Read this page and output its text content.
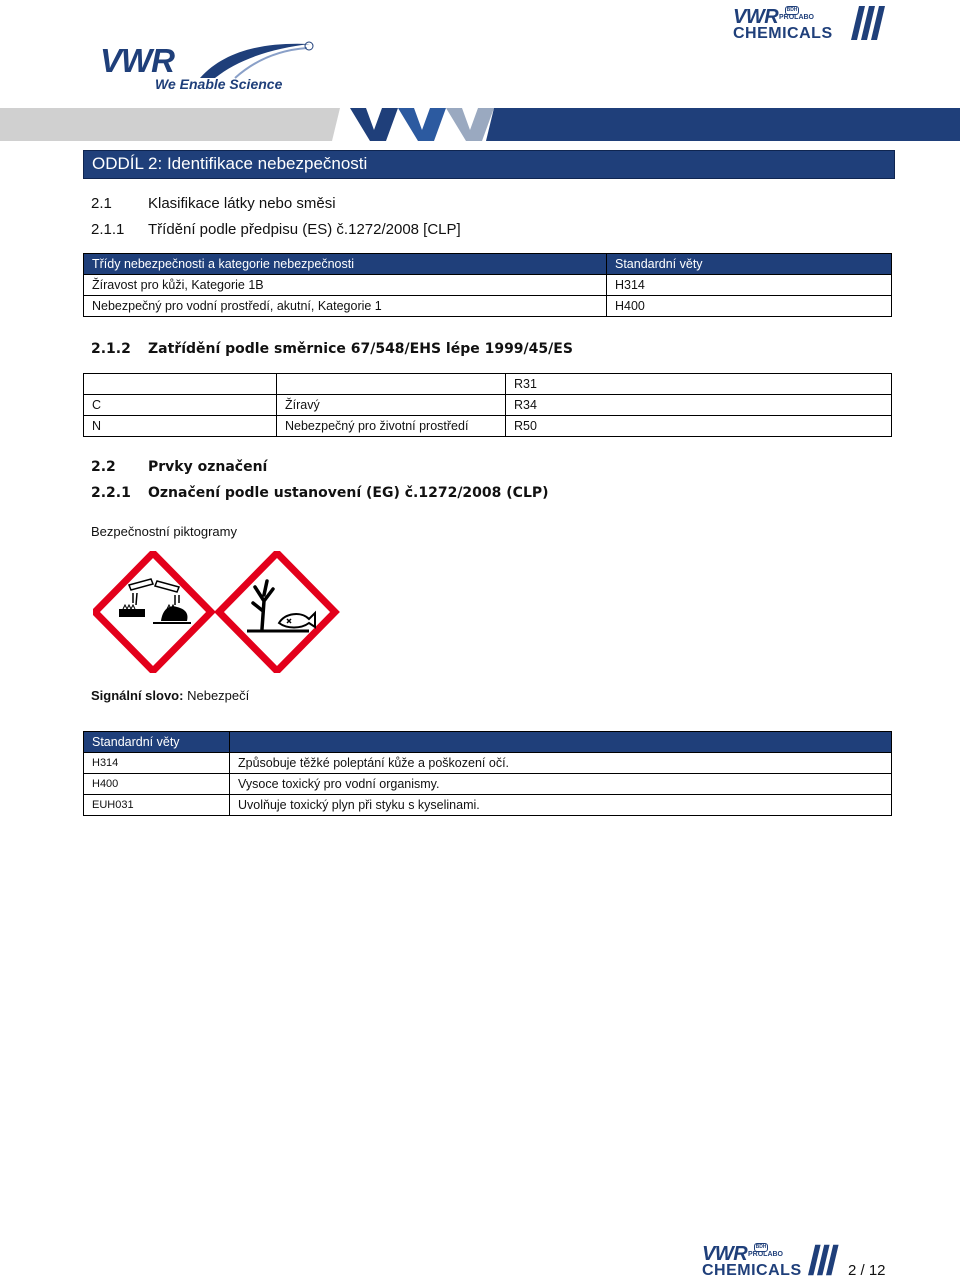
VWR
We Enable Science
VWR	BDH
PROLABO
CHEMICALS
ODDÍL 2: Identifikace nebezpečnosti
2.1 Klasifikace látky nebo směsi
2.1.1 Třídění podle předpisu (ES) č.1272/2008 [CLP]
Třídy nebezpečnosti a kategorie nebezpečnosti	Standardní věty
Žíravost pro kůži, Kategorie 1B	H314
Nebezpečný pro vodní prostředí, akutní, Kategorie 1	H400
2.1.2 Zatřídění podle směrnice 67/548/EHS lépe 1999/45/ES
		R31
C	Žíravý	R34
N	Nebezpečný pro životní prostředí	R50
2.2 Prvky označení
2.2.1 Označení podle ustanovení (EG) č.1272/2008 (CLP)
Bezpečnostní piktogramy
Signální slovo: Nebezpečí
Standardní věty	
H314	Způsobuje těžké poleptání kůže a poškození očí.
H400	Vysoce toxický pro vodní organismy.
EUH031	Uvolňuje toxický plyn při styku s kyselinami.
VWR	BDH
PROLABO
CHEMICALS	2 / 12
